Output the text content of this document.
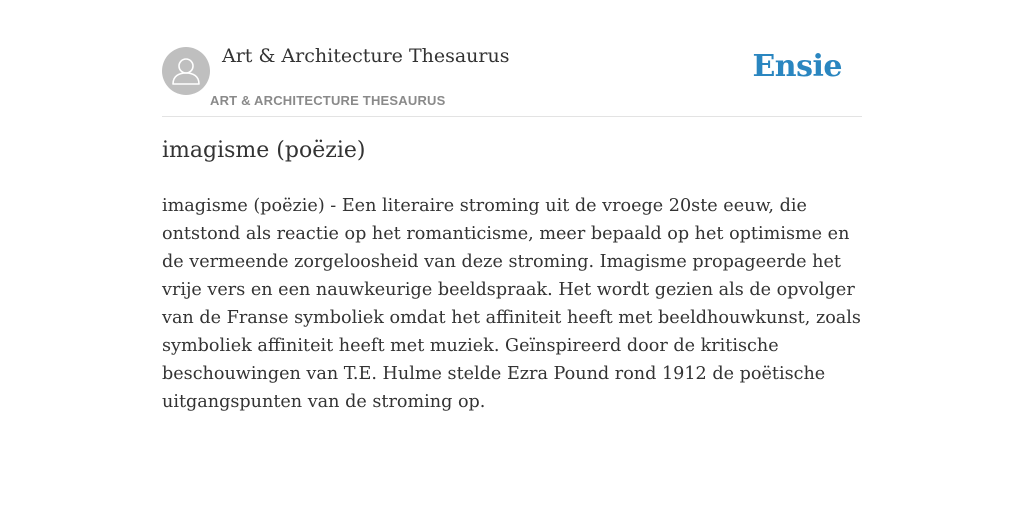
Art & Architecture Thesaurus
ART & ARCHITECTURE THESAURUS
Ensie
imagisme (poëzie)

imagisme (poëzie) - Een literaire stroming uit de vroege 20ste eeuw, die ontstond als reactie op het romanticisme, meer bepaald op het optimisme en de vermeende zorgeloosheid van deze stroming. Imagisme propageerde het vrije vers en een nauwkeurige beeldspraak. Het wordt gezien als de opvolger van de Franse symboliek omdat het affiniteit heeft met beeldhouwkunst, zoals symboliek affiniteit heeft met muziek. Geïnspireerd door de kritische beschouwingen van T.E. Hulme stelde Ezra Pound rond 1912 de poëtische uitgangspunten van de stroming op.
